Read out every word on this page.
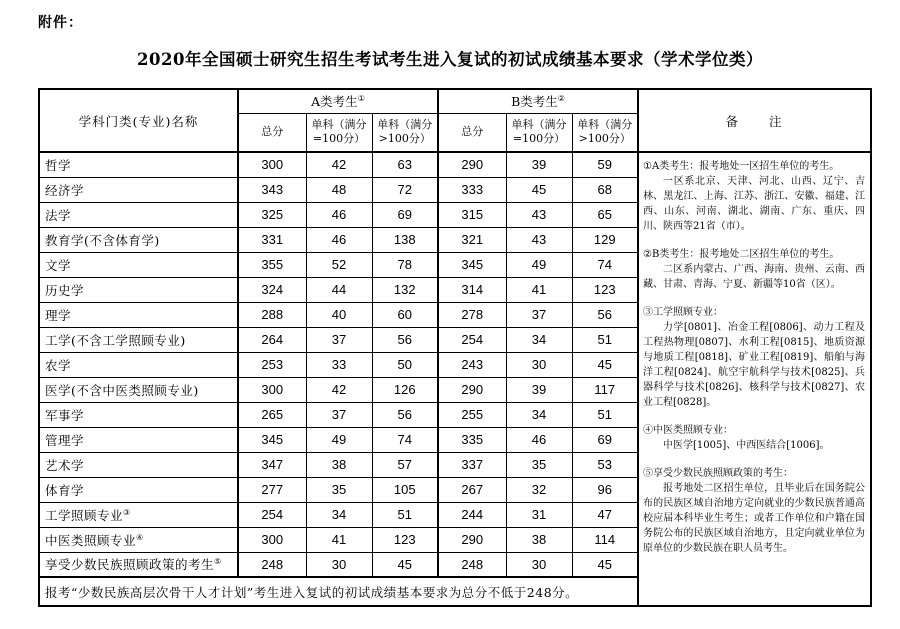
附件：
2020年全国硕士研究生招生考试考生进入复试的初试成绩基本要求（学术学位类）
学科门类(专业)名称	A类考生①			B类考生②			备　　注
	总分	单科（满分=100分）	单科（满分>100分）	总分	单科（满分=100分）	单科（满分>100分）	
哲学	300	42	63	290	39	59	①A类考生：报考地处一区招生单位的考生。
一区系北京、天津、河北、山西、辽宁、吉林、黑龙江、上海、江苏、浙江、安徽、福建、江西、山东、河南、湖北、湖南、广东、重庆、四川、陕西等21省（市）。
②B类考生：报考地处二区招生单位的考生。
二区系内蒙古、广西、海南、贵州、云南、西藏、甘肃、青海、宁夏、新疆等10省（区）。
③工学照顾专业：
力学[0801]、冶金工程[0806]、动力工程及工程热物理[0807]、水利工程[0815]、地质资源与地质工程[0818]、矿业工程[0819]、船舶与海洋工程[0824]、航空宇航科学与技术[0825]、兵器科学与技术[0826]、核科学与技术[0827]、农业工程[0828]。
④中医类照顾专业：
中医学[1005]、中西医结合[1006]。
⑤享受少数民族照顾政策的考生：
报考地处二区招生单位，且毕业后在国务院公布的民族区域自治地方定向就业的少数民族普通高校应届本科毕业生考生；或者工作单位和户籍在国务院公布的民族区域自治地方，且定向就业单位为原单位的少数民族在职人员考生。

经济学	343	48	72	333	45	68	
法学	325	46	69	315	43	65	
教育学(不含体育学)	331	46	138	321	43	129	
文学	355	52	78	345	49	74	
历史学	324	44	132	314	41	123	
理学	288	40	60	278	37	56	
工学(不含工学照顾专业)	264	37	56	254	34	51	
农学	253	33	50	243	30	45	
医学(不含中医类照顾专业)	300	42	126	290	39	117	
军事学	265	37	56	255	34	51	
管理学	345	49	74	335	46	69	
艺术学	347	38	57	337	35	53	
体育学	277	35	105	267	32	96	
工学照顾专业③	254	34	51	244	31	47	
中医类照顾专业④	300	41	123	290	38	114	
享受少数民族照顾政策的考生⑤	248	30	45	248	30	45	
报考“少数民族高层次骨干人才计划”考生进入复试的初试成绩基本要求为总分不低于248分。							
